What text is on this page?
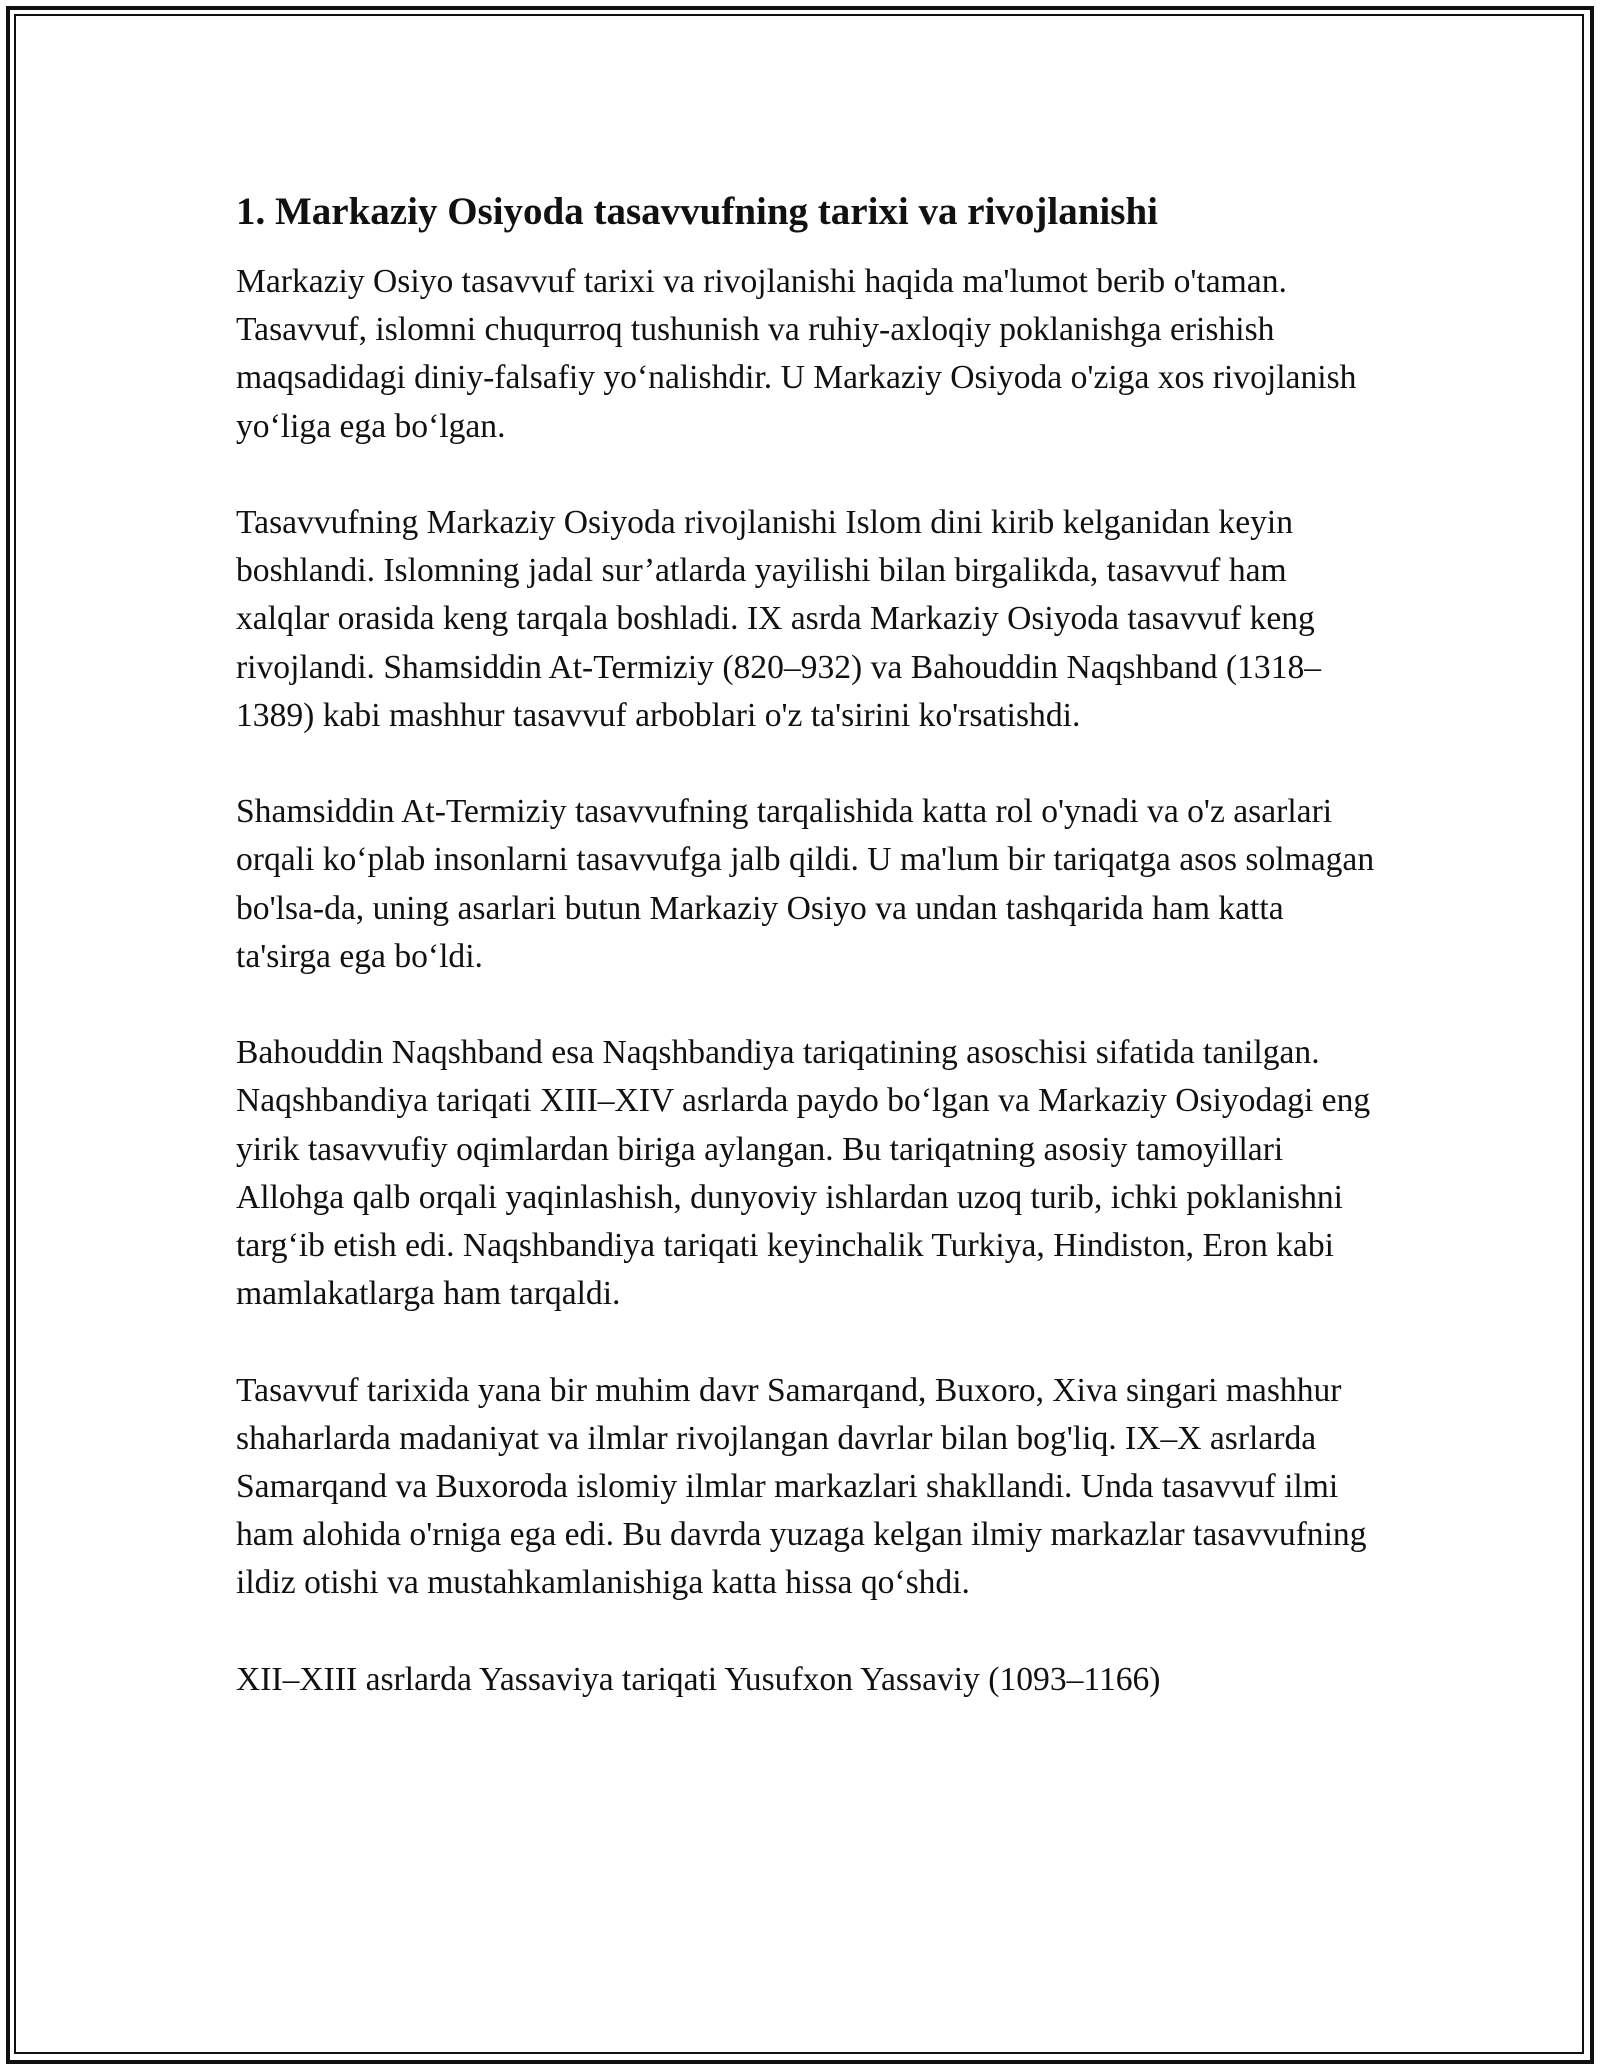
1. Markaziy Osiyoda tasavvufning tarixi va rivojlanishi

Markaziy Osiyo tasavvuf tarixi va rivojlanishi haqida ma'lumot berib o'taman. Tasavvuf, islomni chuqurroq tushunish va ruhiy-axloqiy poklanishga erishish maqsadidagi diniy-falsafiy yo‘nalishdir. U Markaziy Osiyoda o'ziga xos rivojlanish yo‘liga ega bo‘lgan.

Tasavvufning Markaziy Osiyoda rivojlanishi Islom dini kirib kelganidan keyin boshlandi. Islomning jadal sur’atlarda yayilishi bilan birgalikda, tasavvuf ham xalqlar orasida keng tarqala boshladi. IX asrda Markaziy Osiyoda tasavvuf keng rivojlandi. Shamsiddin At-Termiziy (820–932) va Bahouddin Naqshband (1318–1389) kabi mashhur tasavvuf arboblari o'z ta'sirini ko'rsatishdi.

Shamsiddin At-Termiziy tasavvufning tarqalishida katta rol o'ynadi va o'z asarlari orqali ko‘plab insonlarni tasavvufga jalb qildi. U ma'lum bir tariqatga asos solmagan bo'lsa-da, uning asarlari butun Markaziy Osiyo va undan tashqarida ham katta ta'sirga ega bo‘ldi.

Bahouddin Naqshband esa Naqshbandiya tariqatining asoschisi sifatida tanilgan. Naqshbandiya tariqati XIII–XIV asrlarda paydo bo‘lgan va Markaziy Osiyodagi eng yirik tasavvufiy oqimlardan biriga aylangan. Bu tariqatning asosiy tamoyillari Allohga qalb orqali yaqinlashish, dunyoviy ishlardan uzoq turib, ichki poklanishni targ‘ib etish edi. Naqshbandiya tariqati keyinchalik Turkiya, Hindiston, Eron kabi mamlakatlarga ham tarqaldi.

Tasavvuf tarixida yana bir muhim davr Samarqand, Buxoro, Xiva singari mashhur shaharlarda madaniyat va ilmlar rivojlangan davrlar bilan bog'liq. IX–X asrlarda Samarqand va Buxoroda islomiy ilmlar markazlari shakllandi. Unda tasavvuf ilmi ham alohida o'rniga ega edi. Bu davrda yuzaga kelgan ilmiy markazlar tasavvufning ildiz otishi va mustahkamlanishiga katta hissa qo‘shdi.

XII–XIII asrlarda Yassaviya tariqati Yusufxon Yassaviy (1093–1166)
